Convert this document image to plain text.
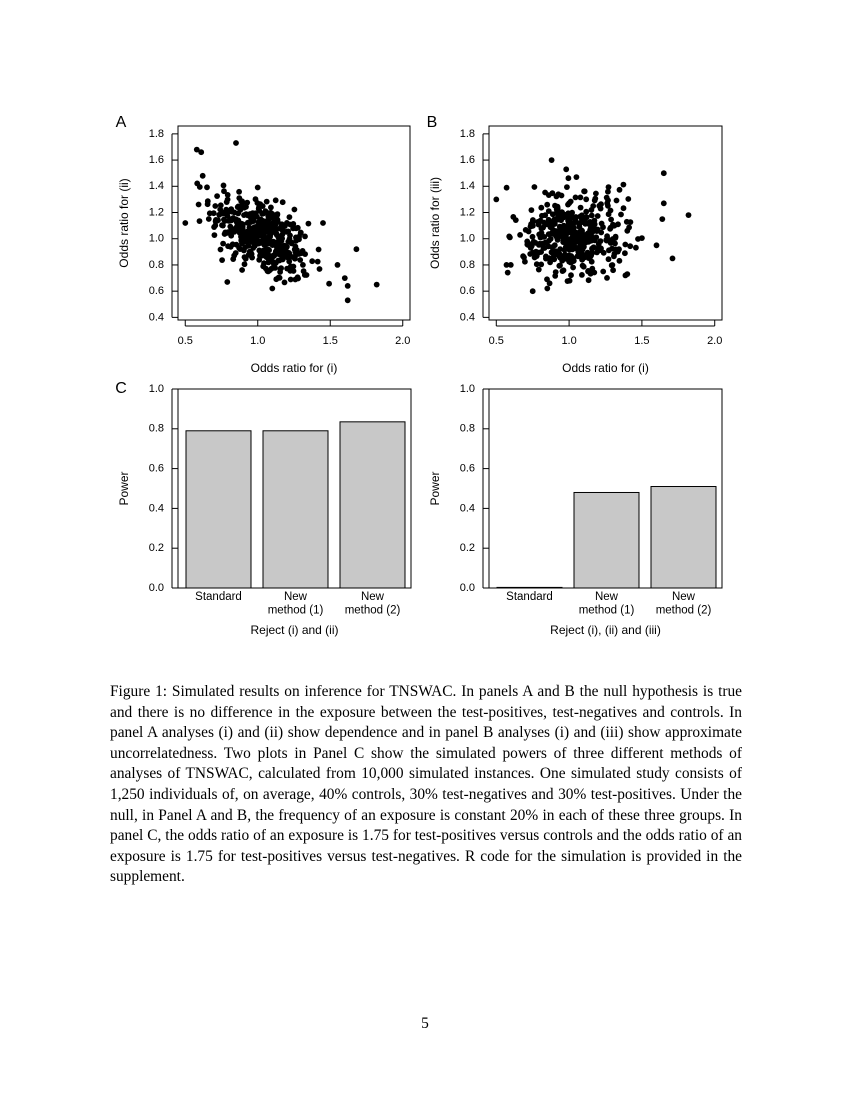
A
0.4
0.6
0.8
1.0
1.2
1.4
1.6
1.8
Odds ratio for (ii)
0.5	1.0	1.5	2.0
Odds ratio for (i)
B
0.4
0.6
0.8
1.0
1.2
1.4
1.6
1.8
Odds ratio for (iii)
0.5	1.0	1.5	2.0
Odds ratio for (i)
C
0.0
0.2
0.4
0.6
0.8
1.0
Power
Standard	New
method (1)
New
method (2)
Reject (i) and (ii)
0.0
0.2
0.4
0.6
0.8
1.0
Power
Standard	New
method (1)
New
method (2)
Reject (i), (ii) and (iii)
Figure 1: Simulated results on inference for TNSWAC. In panels A and B the null hypothesis is true and there is no difference in the exposure between the test-positives, test-negatives and controls. In panel A analyses (i) and (ii) show dependence and in panel B analyses (i) and (iii) show approximate uncorrelatedness. Two plots in Panel C show the simulated powers of three different methods of analyses of TNSWAC, calculated from 10,000 simulated instances. One simulated study consists of 1,250 individuals of, on average, 40% controls, 30% test-negatives and 30% test-positives. Under the null, in Panel A and B, the frequency of an exposure is constant 20% in each of these three groups. In panel C, the odds ratio of an exposure is 1.75 for test-positives versus controls and the odds ratio of an exposure is 1.75 for test-positives versus test-negatives. R code for the simulation is provided in the supplement.
5
